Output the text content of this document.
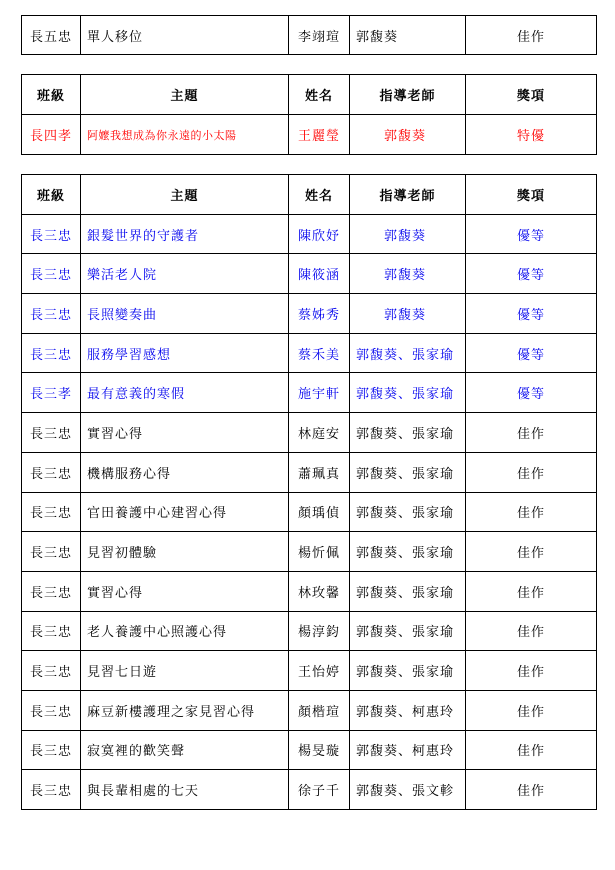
長五忠	單人移位	李翊瑄	郭馥葵	佳作
班級	主題	姓名	指導老師	獎項
長四孝	阿嬤我想成為你永遠的小太陽	王麗瑩	郭馥葵	特優
班級	主題	姓名	指導老師	獎項
長三忠	銀髮世界的守護者	陳欣妤	郭馥葵	優等
長三忠	樂活老人院	陳筱涵	郭馥葵	優等
長三忠	長照變奏曲	蔡姊秀	郭馥葵	優等
長三忠	服務學習感想	蔡禾美	郭馥葵、張家瑜	優等
長三孝	最有意義的寒假	施宇軒	郭馥葵、張家瑜	優等
長三忠	實習心得	林庭安	郭馥葵、張家瑜	佳作
長三忠	機構服務心得	蕭珮真	郭馥葵、張家瑜	佳作
長三忠	官田養護中心建習心得	顏瑀偵	郭馥葵、張家瑜	佳作
長三忠	見習初體驗	楊忻佩	郭馥葵、張家瑜	佳作
長三忠	實習心得	林玫馨	郭馥葵、張家瑜	佳作
長三忠	老人養護中心照護心得	楊淳鈞	郭馥葵、張家瑜	佳作
長三忠	見習七日遊	王怡婷	郭馥葵、張家瑜	佳作
長三忠	麻豆新樓護理之家見習心得	顏楷瑄	郭馥葵、柯惠玲	佳作
長三忠	寂寞裡的歡笑聲	楊旻璇	郭馥葵、柯惠玲	佳作
長三忠	與長輩相處的七天	徐子千	郭馥葵、張文軫	佳作
